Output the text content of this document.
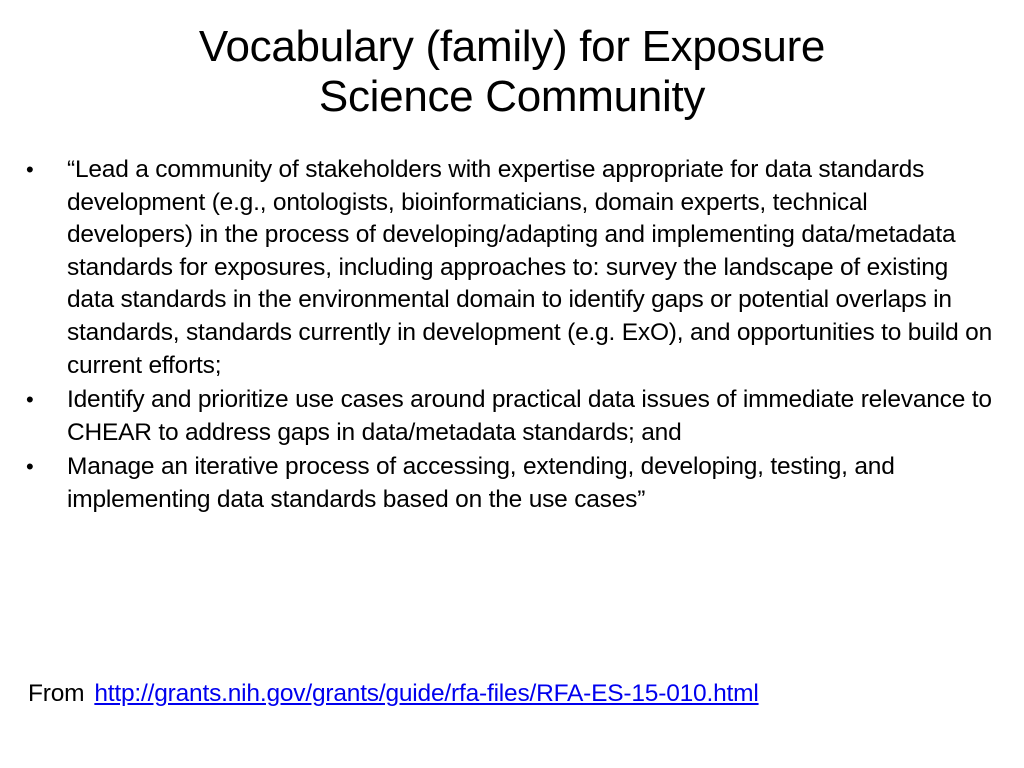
Vocabulary (family) for Exposure
Science Community
• “Lead a community of stakeholders with expertise appropriate for data standards development (e.g., ontologists, bioinformaticians, domain experts, technical developers) in the process of developing/adapting and implementing data/metadata standards for exposures, including approaches to: survey the landscape of existing data standards in the environmental domain to identify gaps or potential overlaps in standards, standards currently in development (e.g. ExO), and opportunities to build on current efforts;
• Identify and prioritize use cases around practical data issues of immediate relevance to CHEAR to address gaps in data/metadata standards; and
• Manage an iterative process of accessing, extending, developing, testing, and implementing data standards based on the use cases”
From http://grants.nih.gov/grants/guide/rfa-files/RFA-ES-15-010.html
